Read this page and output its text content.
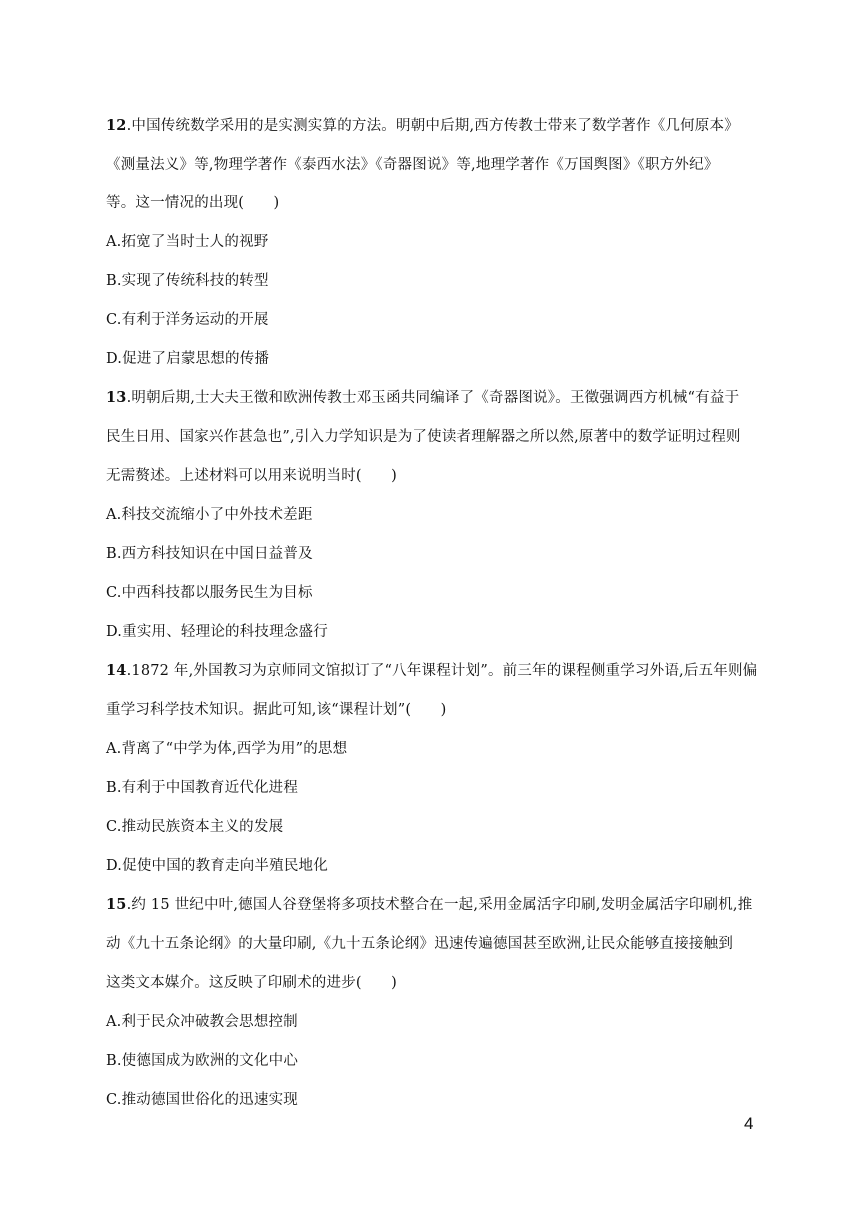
12.中国传统数学采用的是实测实算的方法。明朝中后期,西方传教士带来了数学著作《几何原本》
《测量法义》等,物理学著作《泰西水法》《奇器图说》等,地理学著作《万国舆图》《职方外纪》
等。这一情况的出现(　　)
A.拓宽了当时士人的视野
B.实现了传统科技的转型
C.有利于洋务运动的开展
D.促进了启蒙思想的传播
13.明朝后期,士大夫王徵和欧洲传教士邓玉函共同编译了《奇器图说》。王徵强调西方机械“有益于
民生日用、国家兴作甚急也”,引入力学知识是为了使读者理解器之所以然,原著中的数学证明过程则
无需赘述。上述材料可以用来说明当时(　　)
A.科技交流缩小了中外技术差距
B.西方科技知识在中国日益普及
C.中西科技都以服务民生为目标
D.重实用、轻理论的科技理念盛行
14.1872 年,外国教习为京师同文馆拟订了“八年课程计划”。前三年的课程侧重学习外语,后五年则偏
重学习科学技术知识。据此可知,该“课程计划”(　　)
A.背离了“中学为体,西学为用”的思想
B.有利于中国教育近代化进程
C.推动民族资本主义的发展
D.促使中国的教育走向半殖民地化
15.约 15 世纪中叶,德国人谷登堡将多项技术整合在一起,采用金属活字印刷,发明金属活字印刷机,推
动《九十五条论纲》的大量印刷,《九十五条论纲》迅速传遍德国甚至欧洲,让民众能够直接接触到
这类文本媒介。这反映了印刷术的进步(　　)
A.利于民众冲破教会思想控制
B.使德国成为欧洲的文化中心
C.推动德国世俗化的迅速实现
4
